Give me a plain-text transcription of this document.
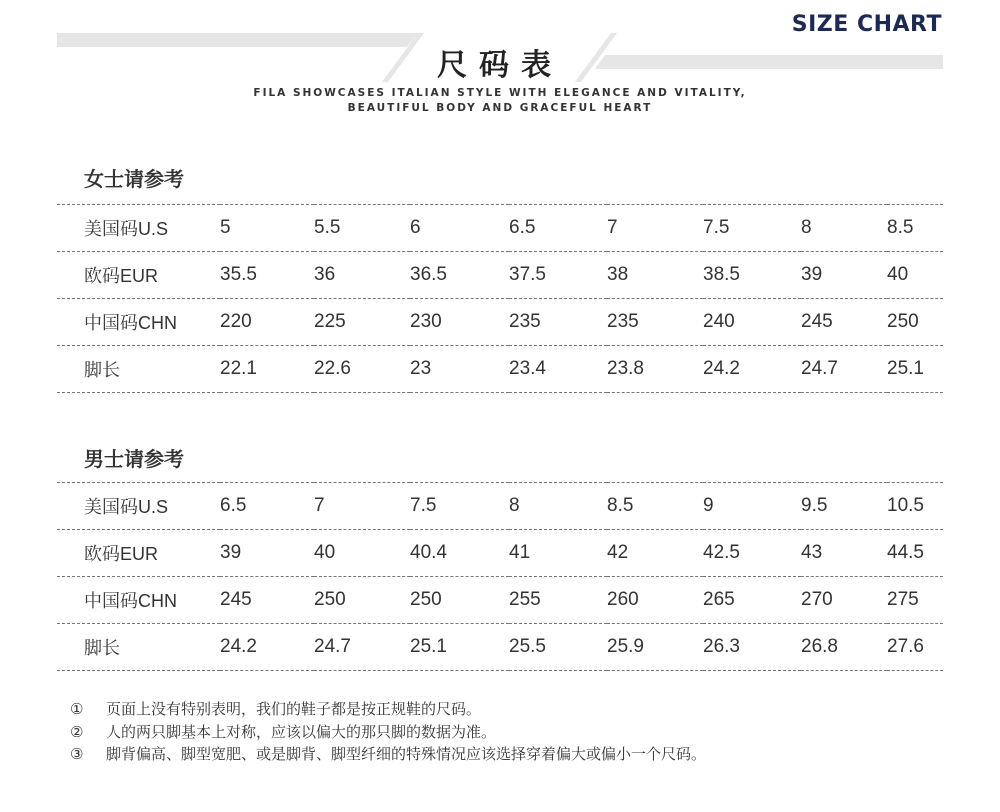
SIZE CHART
尺码表
FILA SHOWCASES ITALIAN STYLE WITH ELEGANCE AND VITALITY,
BEAUTIFUL BODY AND GRACEFUL HEART
女士请参考
美国码U.S	5	5.5	6	6.5	7	7.5	8	8.5
欧码EUR	35.5	36	36.5	37.5	38	38.5	39	40
中国码CHN	220	225	230	235	235	240	245	250
脚长	22.1	22.6	23	23.4	23.8	24.2	24.7	25.1
男士请参考
美国码U.S	6.5	7	7.5	8	8.5	9	9.5	10.5
欧码EUR	39	40	40.4	41	42	42.5	43	44.5
中国码CHN	245	250	250	255	260	265	270	275
脚长	24.2	24.7	25.1	25.5	25.9	26.3	26.8	27.6
①	页面上没有特别表明，我们的鞋子都是按正规鞋的尺码。
②	人的两只脚基本上对称，应该以偏大的那只脚的数据为准。
③	脚背偏高、脚型宽肥、或是脚背、脚型纤细的特殊情况应该选择穿着偏大或偏小一个尺码。
